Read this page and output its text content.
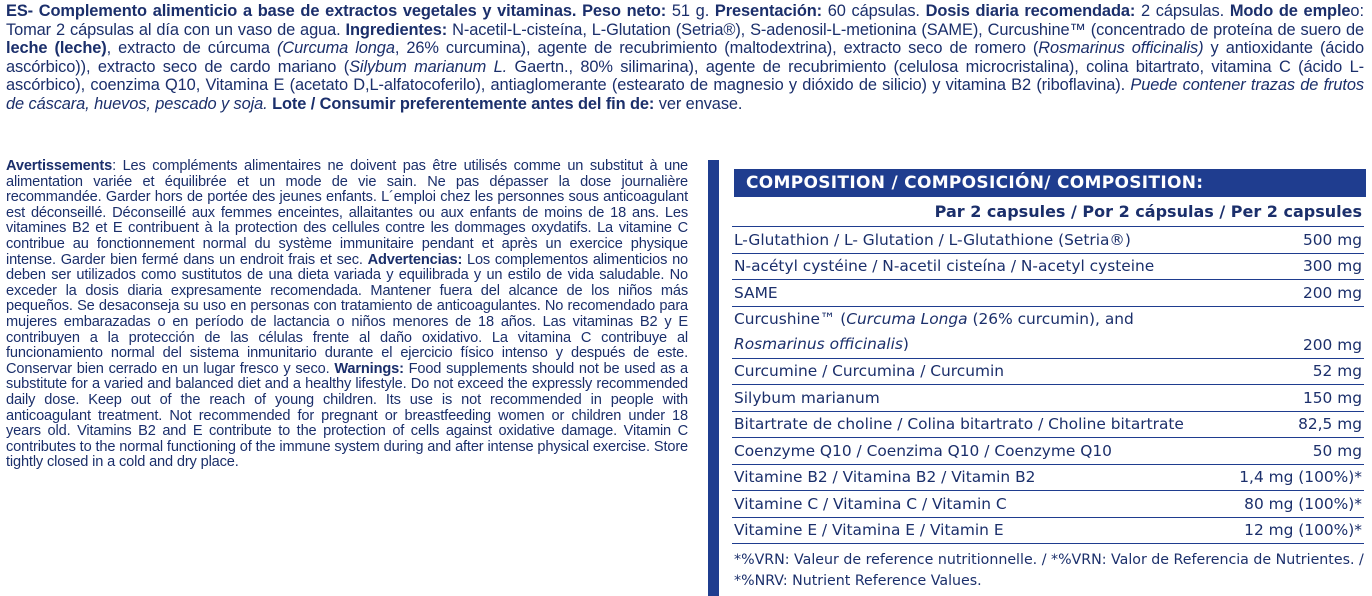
ES- Complemento alimenticio a base de extractos vegetales y vitaminas. Peso neto: 51 g. Presentación: 60 cápsulas. Dosis diaria recomendada: 2 cápsulas. Modo de empleo: Tomar 2 cápsulas al día con un vaso de agua. Ingredientes: N-acetil-L-cisteína, L-Glutation (Setria®), S-adenosil-L-metionina (SAME), Curcushine™ (concentrado de proteína de suero de leche (leche), extracto de cúrcuma (Curcuma longa, 26% curcumina), agente de recubrimiento (maltodextrina), extracto seco de romero (Rosmarinus officinalis) y antioxidante (ácido ascórbico)), extracto seco de cardo mariano (Silybum marianum L. Gaertn., 80% silimarina), agente de recubrimiento (celulosa microcristalina), colina bitartrato, vitamina C (ácido L-ascórbico), coenzima Q10, Vitamina E (acetato D,L-alfatocoferilo), antiaglomerante (estearato de magnesio y dióxido de silicio) y vitamina B2 (riboflavina). Puede contener trazas de frutos de cáscara, huevos, pescado y soja. Lote / Consumir preferentemente antes del fin de: ver envase.
Avertissements: Les compléments alimentaires ne doivent pas être utilisés comme un substitut à une alimentation variée et équilibrée et un mode de vie sain. Ne pas dépasser la dose journalière recommandée. Garder hors de portée des jeunes enfants. L´emploi chez les personnes sous anticoagulant est déconseillé. Déconseillé aux femmes enceintes, allaitantes ou aux enfants de moins de 18 ans. Les vitamines B2 et E contribuent à la protection des cellules contre les dommages oxydatifs. La vitamine C contribue au fonctionnement normal du système immunitaire pendant et après un exercice physique intense. Garder bien fermé dans un endroit frais et sec. Advertencias: Los complementos alimenticios no deben ser utilizados como sustitutos de una dieta variada y equilibrada y un estilo de vida saludable. No exceder la dosis diaria expresamente recomendada. Mantener fuera del alcance de los niños más pequeños. Se desaconseja su uso en personas con tratamiento de anticoagulantes. No recomendado para mujeres embarazadas o en período de lactancia o niños menores de 18 años. Las vitaminas B2 y E contribuyen a la protección de las células frente al daño oxidativo. La vitamina C contribuye al funcionamiento normal del sistema inmunitario durante el ejercicio físico intenso y después de este. Conservar bien cerrado en un lugar fresco y seco. Warnings: Food supplements should not be used as a substitute for a varied and balanced diet and a healthy lifestyle. Do not exceed the expressly recommended daily dose. Keep out of the reach of young children. Its use is not recommended in people with anticoagulant treatment. Not recommended for pregnant or breastfeeding women or children under 18 years old. Vitamins B2 and E contribute to the protection of cells against oxidative damage. Vitamin C contributes to the normal functioning of the immune system during and after intense physical exercise. Store tightly closed in a cold and dry place.
COMPOSITION / COMPOSICIÓN/ COMPOSITION:
Par 2 capsules / Por 2 cápsulas / Per 2 capsules
L-Glutathion / L- Glutation / L-Glutathione (Setria®)	500 mg
N-acétyl cystéine / N-acetil cisteína / N-acetyl cysteine	300 mg
SAME	200 mg
Curcushine™ (Curcuma Longa (26% curcumin), and
Rosmarinus officinalis)	200 mg
Curcumine / Curcumina / Curcumin	52 mg
Silybum marianum	150 mg
Bitartrate de choline / Colina bitartrato / Choline bitartrate	82,5 mg
Coenzyme Q10 / Coenzima Q10 / Coenzyme Q10	50 mg
Vitamine B2 / Vitamina B2 / Vitamin B2	1,4 mg (100%)*
Vitamine C / Vitamina C / Vitamin C	80 mg (100%)*
Vitamine E / Vitamina E / Vitamin E	12 mg (100%)*
*%VRN: Valeur de reference nutritionnelle. / *%VRN: Valor de Referencia de Nutrientes. / *%NRV: Nutrient Reference Values.
